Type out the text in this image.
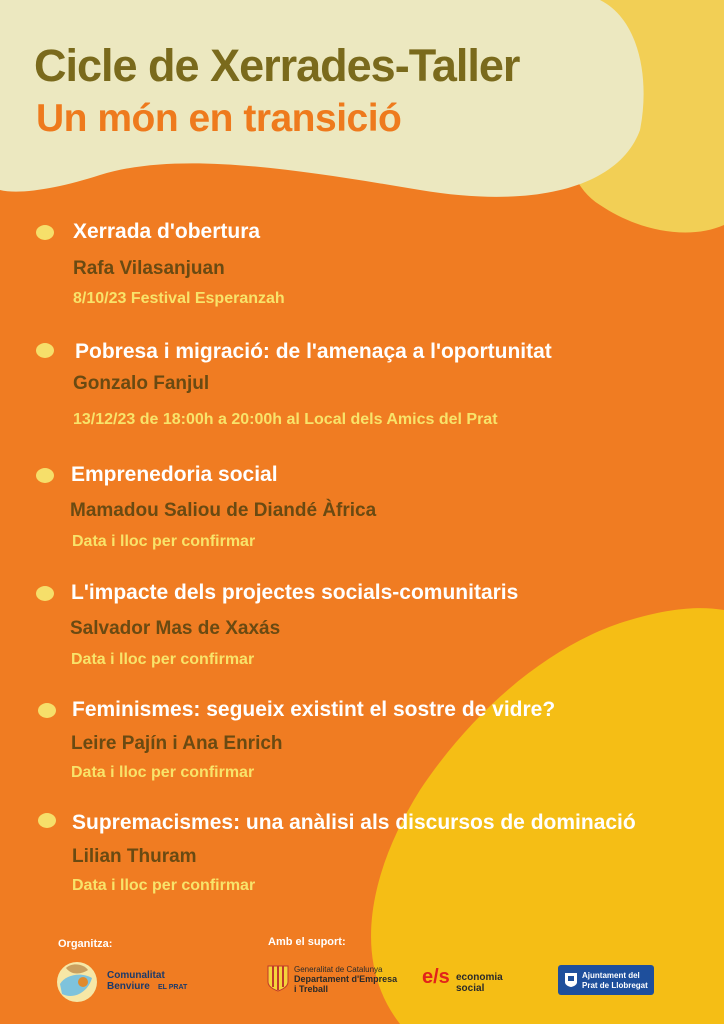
Cicle de Xerrades-Taller
Un món en transició
Xerrada d'obertura
Rafa Vilasanjuan
8/10/23 Festival Esperanzah
Pobresa i migració: de l'amenaça a l'oportunitat
Gonzalo Fanjul
13/12/23 de 18:00h a 20:00h al Local dels Amics del Prat
Emprenedoria social
Mamadou Saliou de Diandé Àfrica
Data i lloc per confirmar
L'impacte dels projectes socials-comunitaris
Salvador Mas de Xaxás
Data i lloc per confirmar
Feminismes: segueix existint el sostre de vidre?
Leire Pajín i Ana Enrich
Data i lloc per confirmar
Supremacismes: una anàlisi als discursos de dominació
Lilian Thuram
Data i lloc per confirmar
Organitza:	Amb el suport:
Comunalitat
Benviure EL PRAT
Generalitat de Catalunya
Departament d'Empresa
i Treball
e/s economia
social
Ajuntament del
Prat de Llobregat
